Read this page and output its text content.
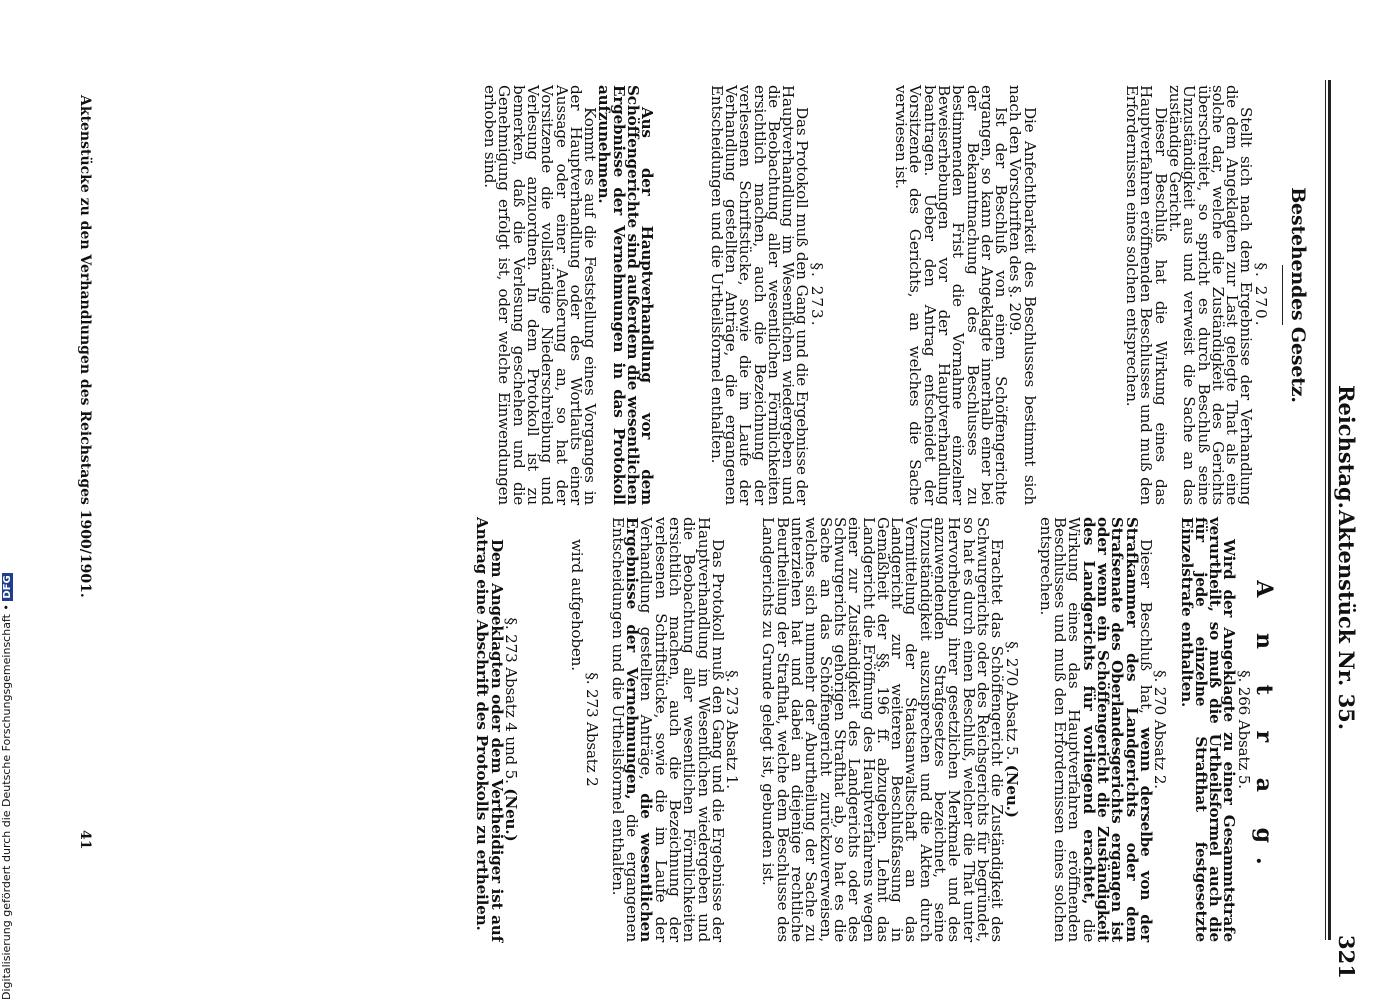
Reichstag.
Aktenstück Nr. 35.
321

Bestehendes Gesetz.

§. 270.

Stellt sich nach dem Ergebnisse der Verhandlung die dem Angeklagten zur Last gelegte That als eine solche dar, welche die Zuständigkeit des Gerichts überschreitet, so spricht es durch Beschluß seine Unzuständigkeit aus und verweist die Sache an das zuständige Gericht.

Dieser Beschluß hat die Wirkung eines das Hauptverfahren eröffnenden Beschlusses und muß den Erfordernissen eines solchen entsprechen.

Die Anfechtbarkeit des Beschlusses bestimmt sich nach den Vorschriften des §. 209.

Ist der Beschluß von einem Schöffengerichte ergangen, so kann der Angeklagte innerhalb einer bei der Bekanntmachung des Beschlusses zu bestimmenden Frist die Vornahme einzelner Beweiserhebungen vor der Hauptverhandlung beantragen. Ueber den Antrag entscheidet der Vorsitzende des Gerichts, an welches die Sache verwiesen ist.

§. 273.

Das Protokoll muß den Gang und die Ergebnisse der Hauptverhandlung im Wesentlichen wiedergeben und die Beobachtung aller wesentlichen Förmlichkeiten ersichtlich machen, auch die Bezeichnung der verlesenen Schriftstücke, sowie die im Laufe der Verhandlung gestellten Anträge, die ergangenen Entscheidungen und die Urtheilsformel enthalten.

Aus der Hauptverhandlung vor dem Schöffengerichte sind außerdem die wesentlichen Ergebnisse der Vernehmungen in das Protokoll aufzunehmen.

Kommt es auf die Feststellung eines Vorganges in der Hauptverhandlung oder des Wortlauts einer Aussage oder einer Aeußerung an, so hat der Vorsitzende die vollständige Niederschreibung und Verlesung anzuordnen. In dem Protokoll ist zu bemerken, daß die Verlesung geschehen und die Genehmigung erfolgt ist, oder welche Einwendungen erhoben sind.

A n t r a g.

§. 266 Absatz 5.

Wird der Angeklagte zu einer Gesammtstrafe verurtheilt, so muß die Urtheilsformel auch die für jede einzelne Strafthat festgesetzte Einzelstrafe enthalten.

§. 270 Absatz 2.

Dieser Beschluß hat, wenn derselbe von der Strafkammer des Landgerichts oder dem Strafsenate des Oberlandesgerichts ergangen ist oder wenn ein Schöffengericht die Zuständigkeit des Landgerichts für vorliegend erachtet, die Wirkung eines das Hauptverfahren eröffnenden Beschlusses und muß den Erfordernissen eines solchen entsprechen.

§. 270 Absatz 5. (Neu.)

Erachtet das Schöffengericht die Zuständigkeit des Schwurgerichts oder des Reichsgerichts für begründet, so hat es durch einen Beschluß, welcher die That unter Hervorhebung ihrer gesetzlichen Merkmale und des anzuwendenden Strafgesetzes bezeichnet, seine Unzuständigkeit auszusprechen und die Akten durch Vermittelung der Staatsanwaltschaft an das Landgericht zur weiteren Beschlußfassung in Gemäßheit der §§. 196 ff. abzugeben. Lehnt das Landgericht die Eröffnung des Hauptverfahrens wegen einer zur Zuständigkeit des Landgerichts oder des Schwurgerichts gehörigen Strafthat ab, so hat es die Sache an das Schöffengericht zurückzuverweisen, welches sich nunmehr der Aburtheilung der Sache zu unterziehen hat und dabei an diejenige rechtliche Beurtheilung der Strafthat, welche dem Beschlusse des Landgerichts zu Grunde gelegt ist, gebunden ist.

§. 273 Absatz 1.

Das Protokoll muß den Gang und die Ergebnisse der Hauptverhandlung im Wesentlichen wiedergeben und die Beobachtung aller wesentlichen Förmlichkeiten ersichtlich machen, auch die Bezeichnung der verlesenen Schriftstücke, sowie die im Laufe der Verhandlung gestellten Anträge, die wesentlichen Ergebnisse der Vernehmungen, die ergangenen Entscheidungen und die Urtheilsformel enthalten.

§. 273 Absatz 2

wird aufgehoben.

§. 273 Absatz 4 und 5. (Neu.)

Dem Angeklagten oder dem Vertheidiger ist auf Antrag eine Abschrift des Protokolls zu ertheilen.

Aktenstücke zu den Verhandlungen des Reichstages 1900/1901.
41
Digitalisierung gefördert durch die Deutsche Forschungsgemeinschaft • DFG
